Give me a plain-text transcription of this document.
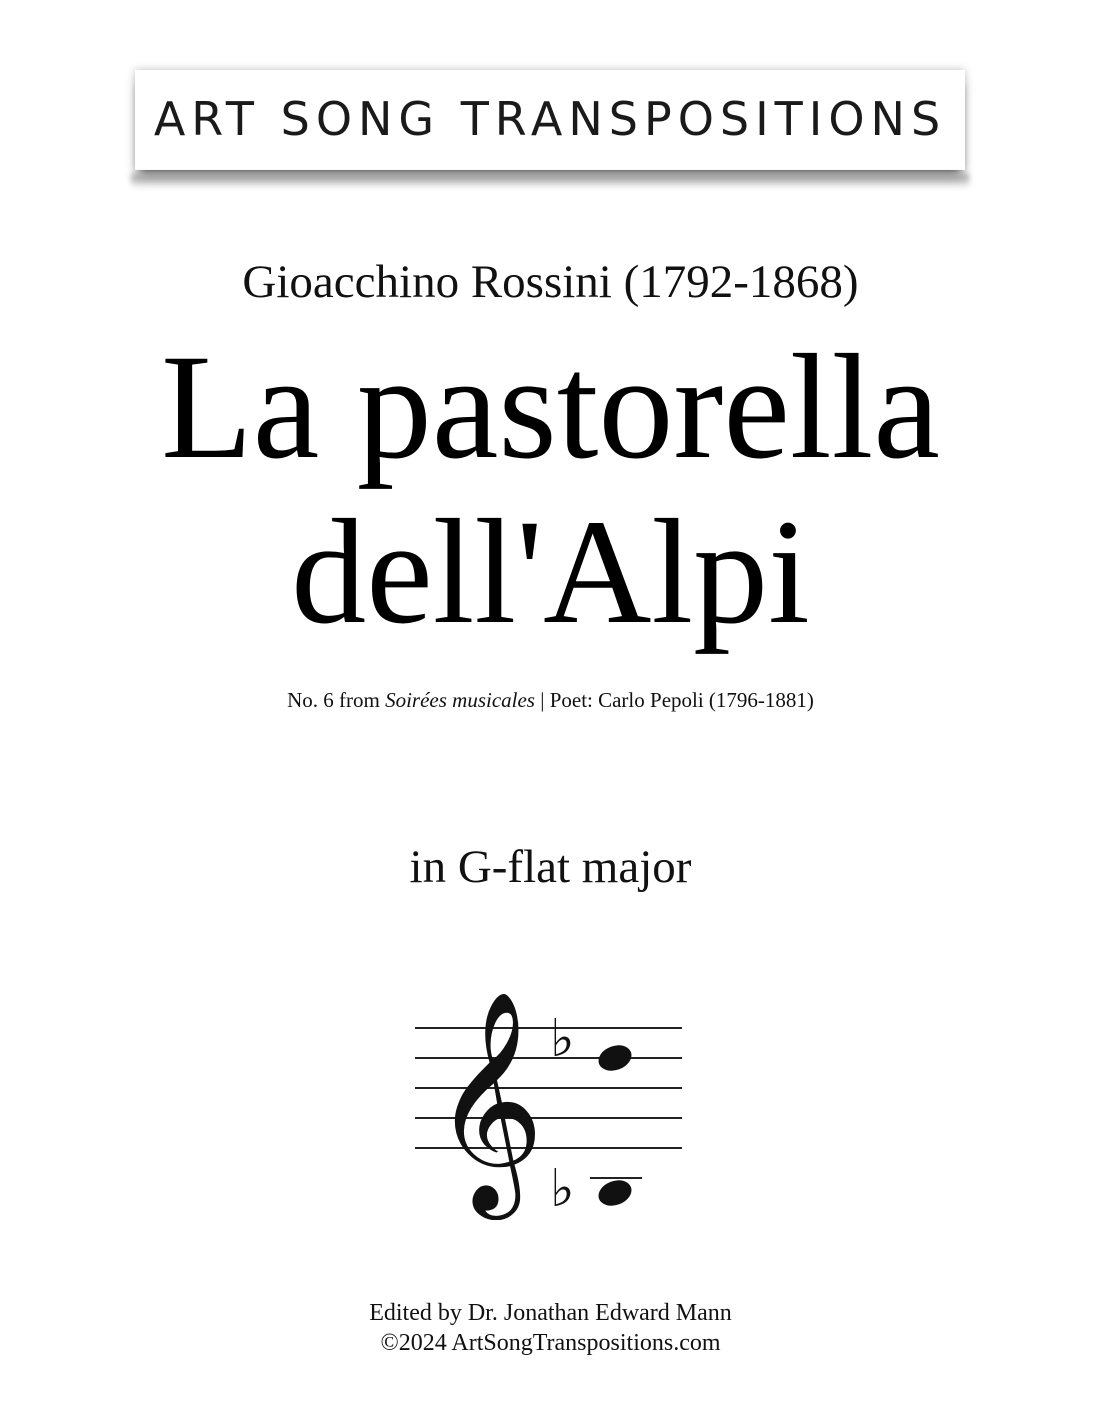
ART SONG TRANSPOSITIONS
Gioacchino Rossini (1792-1868)
La pastorella
dell'Alpi
No. 6 from Soirées musicales | Poet: Carlo Pepoli (1796-1881)
in G-flat major
𝄞 ♭
♭
Edited by Dr. Jonathan Edward Mann
©2024 ArtSongTranspositions.com
